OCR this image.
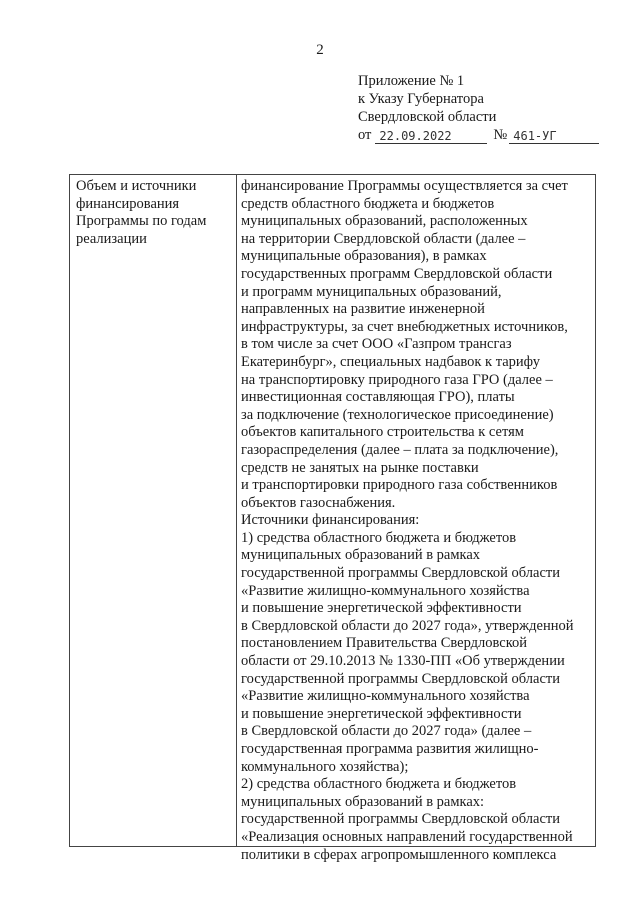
2
Приложение № 1
к Указу Губернатора
Свердловской области
от 22.09.2022	№ 461-УГ
Объем и источники
финансирования
Программы по годам
реализации
финансирование Программы осуществляется за счет
средств областного бюджета и бюджетов
муниципальных образований, расположенных
на территории Свердловской области (далее –
муниципальные образования), в рамках
государственных программ Свердловской области
и программ муниципальных образований,
направленных на развитие инженерной
инфраструктуры, за счет внебюджетных источников,
в том числе за счет ООО «Газпром трансгаз
Екатеринбург», специальных надбавок к тарифу
на транспортировку природного газа ГРО (далее –
инвестиционная составляющая ГРО), платы
за подключение (технологическое присоединение)
объектов капитального строительства к сетям
газораспределения (далее – плата за подключение),
средств не занятых на рынке поставки
и транспортировки природного газа собственников
объектов газоснабжения.
Источники финансирования:
1) средства областного бюджета и бюджетов
муниципальных образований в рамках
государственной программы Свердловской области
«Развитие жилищно-коммунального хозяйства
и повышение энергетической эффективности
в Свердловской области до 2027 года», утвержденной
постановлением Правительства Свердловской
области от 29.10.2013 № 1330-ПП «Об утверждении
государственной программы Свердловской области
«Развитие жилищно-коммунального хозяйства
и повышение энергетической эффективности
в Свердловской области до 2027 года» (далее –
государственная программа развития жилищно-
коммунального хозяйства);
2) средства областного бюджета и бюджетов
муниципальных образований в рамках:
государственной программы Свердловской области
«Реализация основных направлений государственной
политики в сферах агропромышленного комплекса
